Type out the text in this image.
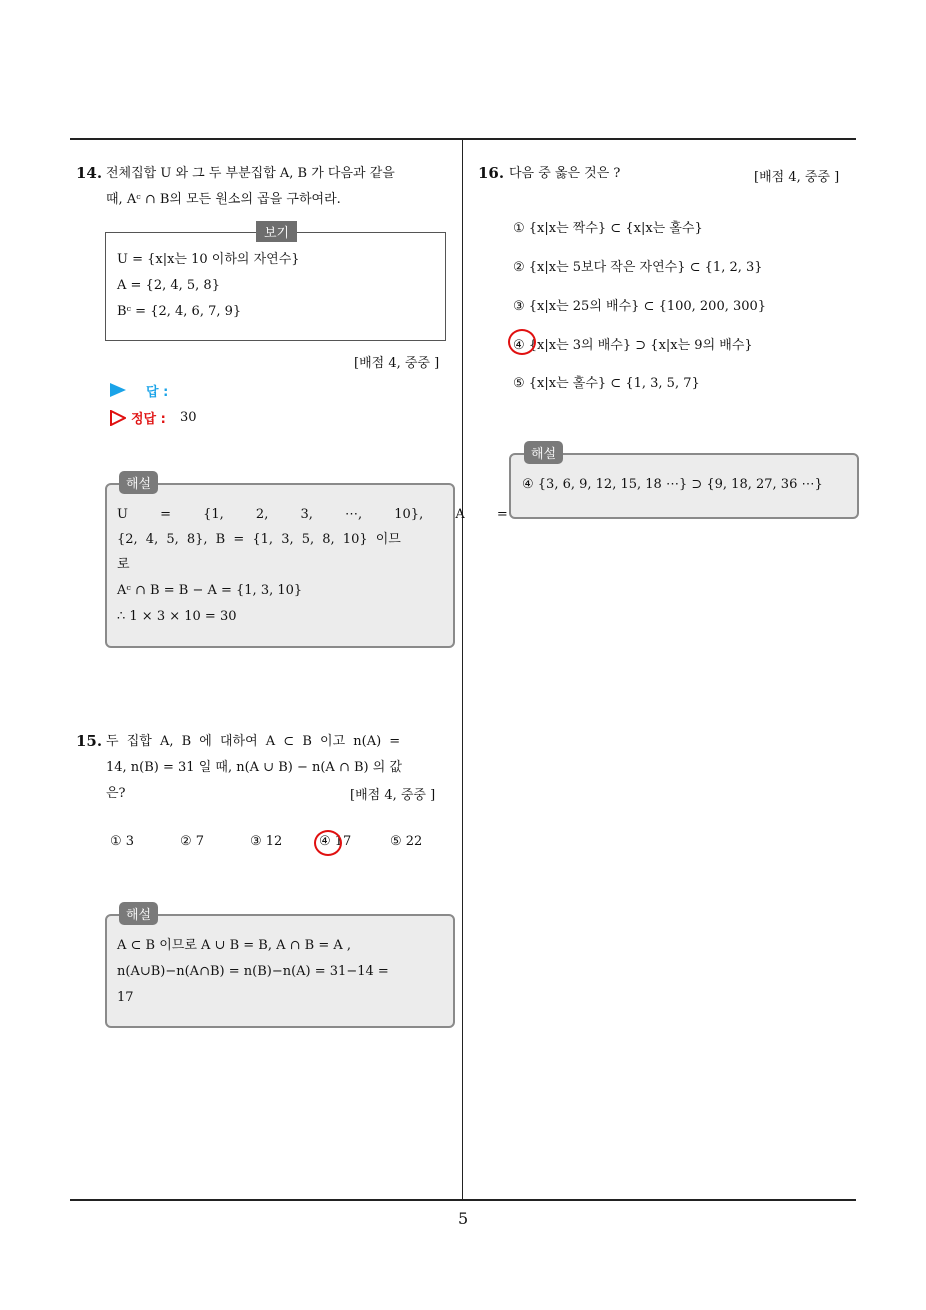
14. 전체집합 U 와 그 두 부분집합 A, B 가 다음과 같을
때, Aᶜ ∩ B의 모든 원소의 곱을 구하여라.
보기
U = {x|x는 10 이하의 자연수}
A = {2, 4, 5, 8}
Bᶜ = {2, 4, 6, 7, 9}
[배점 4, 중중 ]
답 :
정답 : 30
해설
U = {1, 2, 3, ⋯, 10}, A =
{2, 4, 5, 8}, B = {1, 3, 5, 8, 10} 이므
로
Aᶜ ∩ B = B − A = {1, 3, 10}
∴ 1 × 3 × 10 = 30
15. 두 집합 A, B 에 대하여 A ⊂ B 이고 n(A) =
14, n(B) = 31 일 때, n(A ∪ B) − n(A ∩ B) 의 값
은?	[배점 4, 중중 ]
① 3	② 7	③ 12	④ 17	⑤ 22
해설
A ⊂ B 이므로 A ∪ B = B, A ∩ B = A ,
n(A∪B)−n(A∩B) = n(B)−n(A) = 31−14 =
17
16. 다음 중 옳은 것은 ?	[배점 4, 중중 ]
① {x|x는 짝수} ⊂ {x|x는 홀수}
② {x|x는 5보다 작은 자연수} ⊂ {1, 2, 3}
③ {x|x는 25의 배수} ⊂ {100, 200, 300}
④ {x|x는 3의 배수} ⊃ {x|x는 9의 배수}
⑤ {x|x는 홀수} ⊂ {1, 3, 5, 7}
해설
④ {3, 6, 9, 12, 15, 18 ⋯} ⊃ {9, 18, 27, 36 ⋯}
5
